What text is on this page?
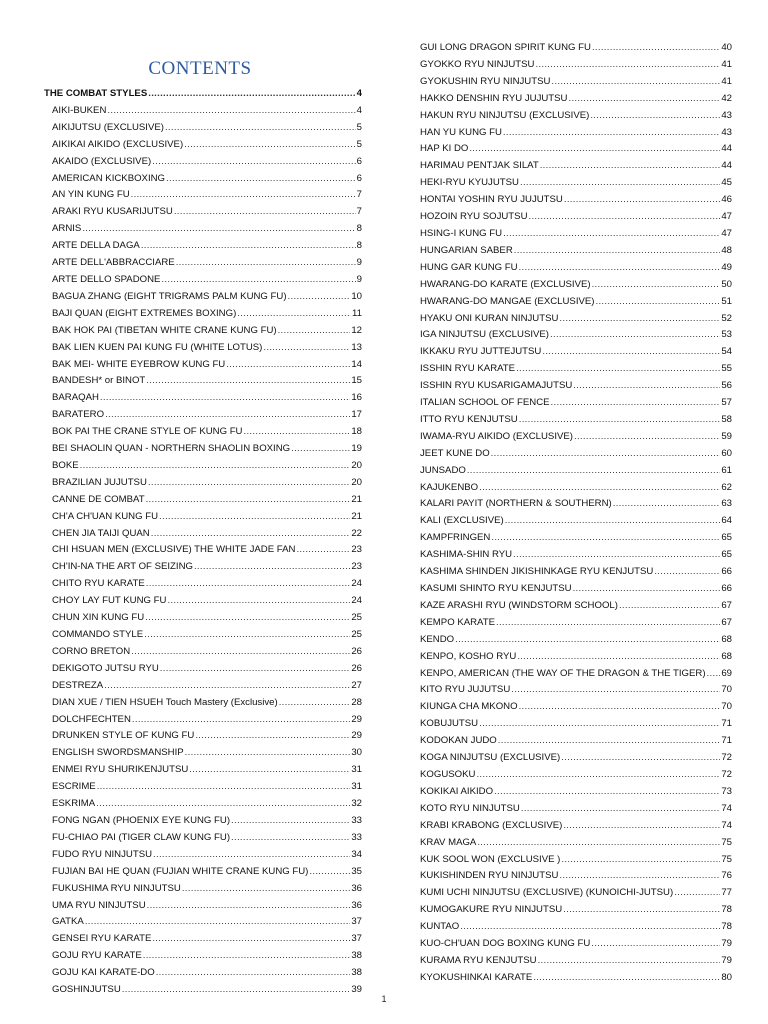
CONTENTS
THE COMBAT STYLES .....	4
AIKI-BUKEN .....	4
AIKIJUTSU (EXCLUSIVE) .....	5
AIKIKAI AIKIDO (EXCLUSIVE) .....	5
AKAIDO (EXCLUSIVE) .....	6
AMERICAN KICKBOXING .....	6
AN YIN KUNG FU .....	7
ARAKI RYU KUSARIJUTSU .....	7
ARNIS .....	8
ARTE DELLA DAGA .....	8
ARTE DELL'ABBRACCIARE .....	9
ARTE DELLO SPADONE .....	9
BAGUA ZHANG (EIGHT TRIGRAMS PALM KUNG FU) .....	10
BAJI QUAN (EIGHT EXTREMES BOXING) .....	11
BAK HOK PAI (TIBETAN WHITE CRANE KUNG FU) .....	12
BAK LIEN KUEN PAI KUNG FU (WHITE LOTUS) .....	13
BAK MEI- WHITE EYEBROW KUNG FU .....	14
BANDESH* or BINOT .....	15
BARAQAH .....	16
BARATERO .....	17
BOK PAI THE CRANE STYLE OF KUNG FU .....	18
BEI SHAOLIN QUAN - NORTHERN SHAOLIN BOXING .....	19
BOKE .....	20
BRAZILIAN JUJUTSU .....	20
CANNE DE COMBAT .....	21
CH'A CH'UAN KUNG FU .....	21
CHEN JIA TAIJI QUAN .....	22
CHI HSUAN MEN (EXCLUSIVE) THE WHITE JADE FAN .....	23
CH'IN-NA THE ART OF SEIZING .....	23
CHITO RYU KARATE .....	24
CHOY LAY FUT KUNG FU .....	24
CHUN XIN KUNG FU .....	25
COMMANDO STYLE .....	25
CORNO BRETON .....	26
DEKIGOTO JUTSU RYU .....	26
DESTREZA .....	27
DIAN XUE / TIEN HSUEH Touch Mastery (Exclusive) .....	28
DOLCHFECHTEN .....	29
DRUNKEN STYLE OF KUNG FU .....	29
ENGLISH SWORDSMANSHIP .....	30
ENMEI RYU SHURIKENJUTSU .....	31
ESCRIME .....	31
ESKRIMA .....	32
FONG NGAN (PHOENIX EYE KUNG FU) .....	33
FU-CHIAO PAI (TIGER CLAW KUNG FU) .....	33
FUDO RYU NINJUTSU .....	34
FUJIAN BAI HE QUAN (FUJIAN WHITE CRANE KUNG FU) .....	35
FUKUSHIMA RYU NINJUTSU .....	36
UMA RYU NINJUTSU .....	36
GATKA .....	37
GENSEI RYU KARATE .....	37
GOJU RYU KARATE .....	38
GOJU KAI KARATE-DO .....	38
GOSHINJUTSU .....	39
GUI LONG DRAGON SPIRIT KUNG FU .....	40
GYOKKO RYU NINJUTSU .....	41
GYOKUSHIN RYU NINJUTSU .....	41
HAKKO DENSHIN RYU JUJUTSU .....	42
HAKUN RYU NINJUTSU (EXCLUSIVE) .....	43
HAN YU KUNG FU .....	43
HAP KI DO .....	44
HARIMAU PENTJAK SILAT .....	44
HEKI-RYU KYUJUTSU .....	45
HONTAI YOSHIN RYU JUJUTSU .....	46
HOZOIN RYU SOJUTSU .....	47
HSING-I KUNG FU .....	47
HUNGARIAN SABER .....	48
HUNG GAR KUNG FU .....	49
HWARANG-DO KARATE (EXCLUSIVE) .....	50
HWARANG-DO MANGAE (EXCLUSIVE) .....	51
HYAKU ONI KURAN NINJUTSU .....	52
IGA NINJUTSU (EXCLUSIVE) .....	53
IKKAKU RYU JUTTEJUTSU .....	54
ISSHIN RYU KARATE .....	55
ISSHIN RYU KUSARIGAMAJUTSU .....	56
ITALIAN SCHOOL OF FENCE .....	57
ITTO RYU KENJUTSU .....	58
IWAMA-RYU AIKIDO (EXCLUSIVE) .....	59
JEET KUNE DO .....	60
JUNSADO .....	61
KAJUKENBO .....	62
KALARI PAYIT (NORTHERN & SOUTHERN) .....	63
KALI (EXCLUSIVE) .....	64
KAMPFRINGEN .....	65
KASHIMA-SHIN RYU .....	65
KASHIMA SHINDEN JIKISHINKAGE RYU KENJUTSU .....	66
KASUMI SHINTO RYU KENJUTSU .....	66
KAZE ARASHI RYU (WINDSTORM SCHOOL) .....	67
KEMPO KARATE .....	67
KENDO .....	68
KENPO, KOSHO RYU .....	68
KENPO, AMERICAN (THE WAY OF THE DRAGON & THE TIGER) ..... 69
KITO RYU JUJUTSU .....	70
KIUNGA CHA MKONO .....	70
KOBUJUTSU .....	71
KODOKAN JUDO .....	71
KOGA NINJUTSU (EXCLUSIVE) .....	72
KOGUSOKU .....	72
KOKIKAI AIKIDO .....	73
KOTO RYU NINJUTSU .....	74
KRABI KRABONG (EXCLUSIVE) .....	74
KRAV MAGA .....	75
KUK SOOL WON (EXCLUSIVE ) .....	75
KUKISHINDEN RYU NINJUTSU .....	76
KUMI UCHI NINJUTSU (EXCLUSIVE) (KUNOICHI-JUTSU) .....	77
KUMOGAKURE RYU NINJUTSU .....	78
KUNTAO .....	78
KUO-CH'UAN DOG BOXING KUNG FU .....	79
KURAMA RYU KENJUTSU .....	79
KYOKUSHINKAI KARATE .....	80
1
